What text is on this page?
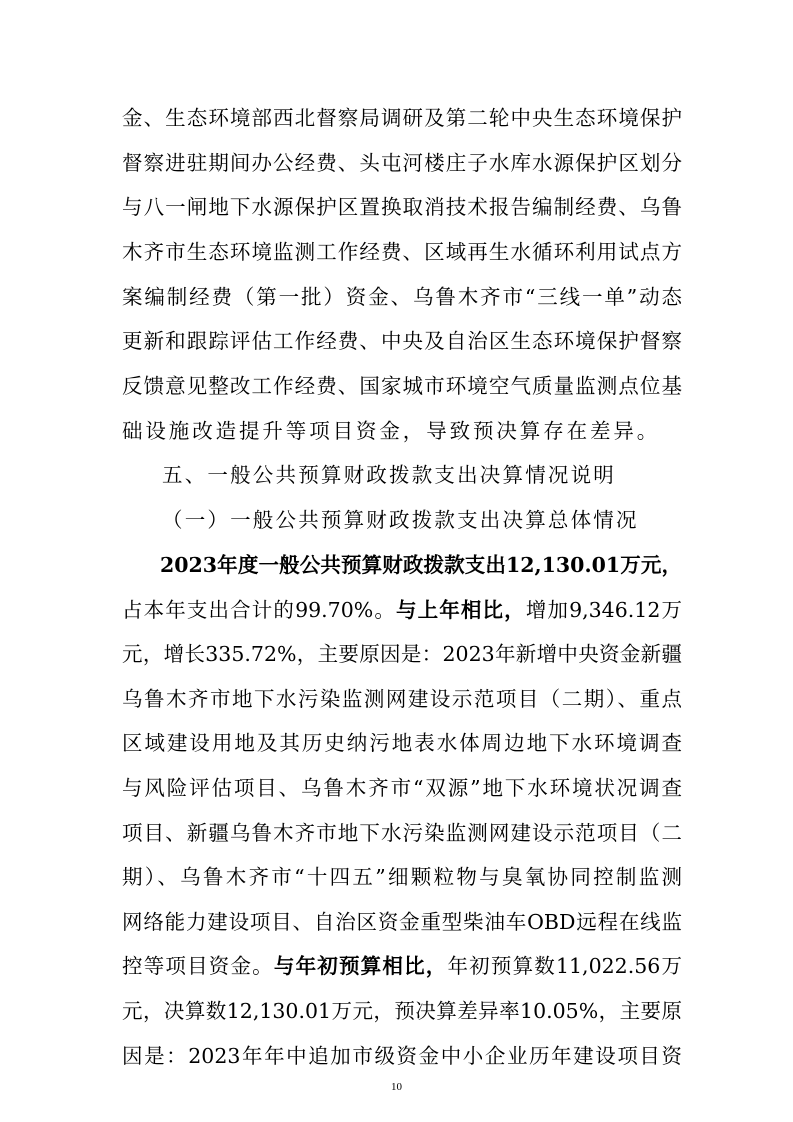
金、生态环境部西北督察局调研及第二轮中央生态环境保护
督察进驻期间办公经费、头屯河楼庄子水库水源保护区划分
与八一闸地下水源保护区置换取消技术报告编制经费、乌鲁
木齐市生态环境监测工作经费、区域再生水循环利用试点方
案编制经费（第一批）资金、乌鲁木齐市“三线一单”动态
更新和跟踪评估工作经费、中央及自治区生态环境保护督察
反馈意见整改工作经费、国家城市环境空气质量监测点位基
础设施改造提升等项目资金，导致预决算存在差异。
五、一般公共预算财政拨款支出决算情况说明
（一）一般公共预算财政拨款支出决算总体情况
2023年度一般公共预算财政拨款支出12,130.01万元，
占本年支出合计的99.70%。与上年相比，增加9,346.12万
元，增长335.72%，主要原因是：2023年新增中央资金新疆
乌鲁木齐市地下水污染监测网建设示范项目（二期）、重点
区域建设用地及其历史纳污地表水体周边地下水环境调查
与风险评估项目、乌鲁木齐市“双源”地下水环境状况调查
项目、新疆乌鲁木齐市地下水污染监测网建设示范项目（二
期）、乌鲁木齐市“十四五”细颗粒物与臭氧协同控制监测
网络能力建设项目、自治区资金重型柴油车OBD远程在线监
控等项目资金。与年初预算相比，年初预算数11,022.56万
元，决算数12,130.01万元，预决算差异率10.05%，主要原
10
因是：2023年年中追加市级资金中小企业历年建设项目资
